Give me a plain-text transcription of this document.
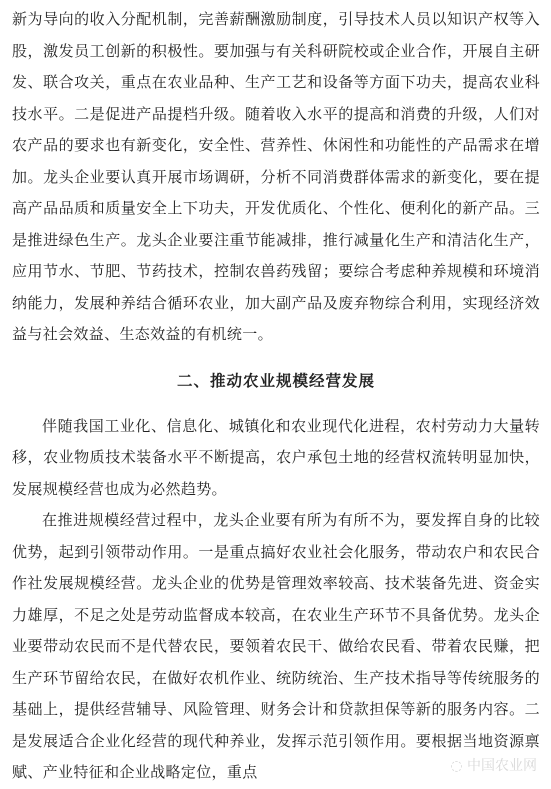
新为导向的收入分配机制，完善薪酬激励制度，引导技术人员以知识产权等入股，激发员工创新的积极性。要加强与有关科研院校或企业合作，开展自主研发、联合攻关，重点在农业品种、生产工艺和设备等方面下功夫，提高农业科技水平。二是促进产品提档升级。随着收入水平的提高和消费的升级，人们对农产品的要求也有新变化，安全性、营养性、休闲性和功能性的产品需求在增加。龙头企业要认真开展市场调研，分析不同消费群体需求的新变化，要在提高产品品质和质量安全上下功夫，开发优质化、个性化、便利化的新产品。三是推进绿色生产。龙头企业要注重节能减排，推行减量化生产和清洁化生产，应用节水、节肥、节药技术，控制农兽药残留；要综合考虑种养规模和环境消纳能力，发展种养结合循环农业，加大副产品及废弃物综合利用，实现经济效益与社会效益、生态效益的有机统一。

二、推动农业规模经营发展

伴随我国工业化、信息化、城镇化和农业现代化进程，农村劳动力大量转移，农业物质技术装备水平不断提高，农户承包土地的经营权流转明显加快，发展规模经营也成为必然趋势。

在推进规模经营过程中，龙头企业要有所为有所不为，要发挥自身的比较优势，起到引领带动作用。一是重点搞好农业社会化服务，带动农户和农民合作社发展规模经营。龙头企业的优势是管理效率较高、技术装备先进、资金实力雄厚，不足之处是劳动监督成本较高，在农业生产环节不具备优势。龙头企业要带动农民而不是代替农民，要领着农民干、做给农民看、带着农民赚，把生产环节留给农民，在做好农机作业、统防统治、生产技术指导等传统服务的基础上，提供经营辅导、风险管理、财务会计和贷款担保等新的服务内容。二是发展适合企业化经营的现代种养业，发挥示范引领作用。要根据当地资源禀赋、产业特征和企业战略定位，重点	◌ 中国农业网
